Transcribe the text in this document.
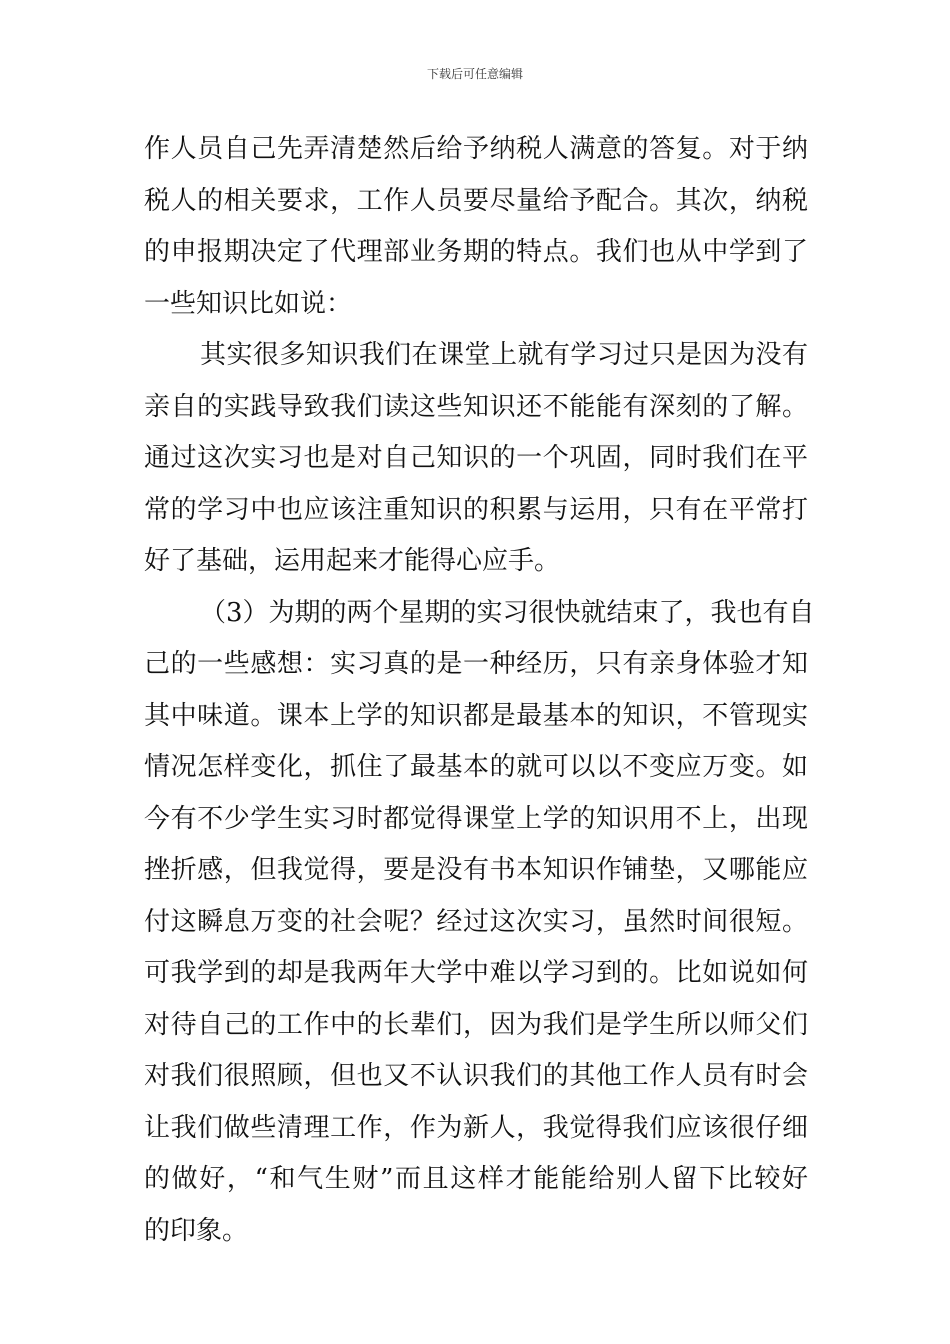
下载后可任意编辑
作人员自己先弄清楚然后给予纳税人满意的答复。对于纳
税人的相关要求，工作人员要尽量给予配合。其次，纳税
的申报期决定了代理部业务期的特点。我们也从中学到了
一些知识比如说：
其实很多知识我们在课堂上就有学习过只是因为没有
亲自的实践导致我们读这些知识还不能能有深刻的了解。
通过这次实习也是对自己知识的一个巩固，同时我们在平
常的学习中也应该注重知识的积累与运用，只有在平常打
好了基础，运用起来才能得心应手。
（3）为期的两个星期的实习很快就结束了，我也有自
己的一些感想：实习真的是一种经历，只有亲身体验才知
其中味道。课本上学的知识都是最基本的知识，不管现实
情况怎样变化，抓住了最基本的就可以以不变应万变。如
今有不少学生实习时都觉得课堂上学的知识用不上，出现
挫折感，但我觉得，要是没有书本知识作铺垫，又哪能应
付这瞬息万变的社会呢？经过这次实习，虽然时间很短。
可我学到的却是我两年大学中难以学习到的。比如说如何
对待自己的工作中的长辈们，因为我们是学生所以师父们
对我们很照顾，但也又不认识我们的其他工作人员有时会
让我们做些清理工作，作为新人，我觉得我们应该很仔细
的做好，“和气生财”而且这样才能能给别人留下比较好
的印象。
